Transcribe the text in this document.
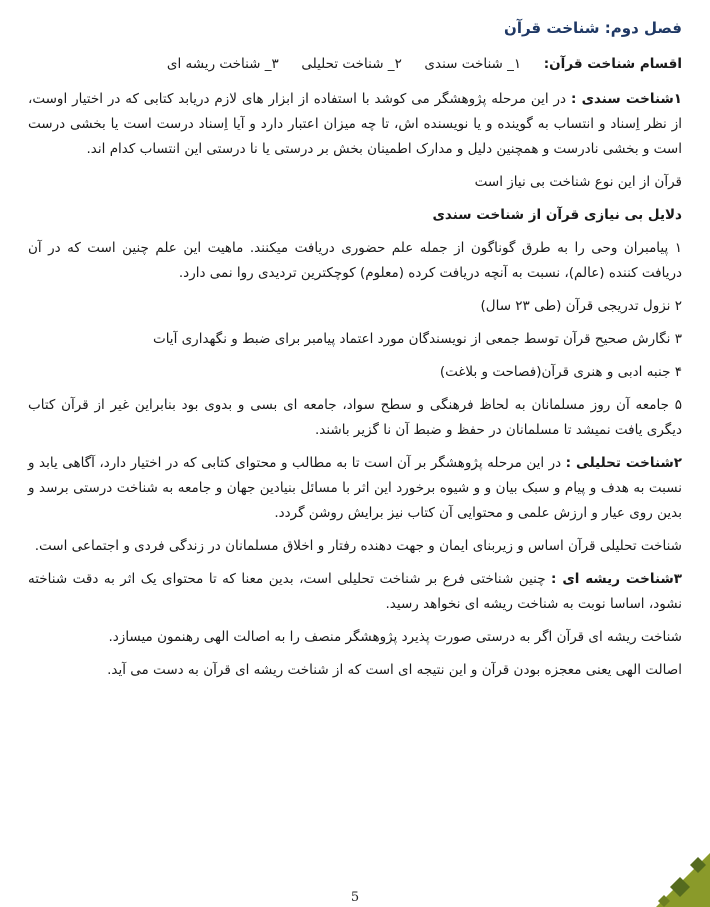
فصل دوم: شناخت قرآن
اقسام شناخت قرآن:  ۱_ شناخت سندی  ۲_ شناخت تحلیلی  ۳_ شناخت ریشه ای

۱شناخت سندی : در این مرحله پژوهشگر می کوشد با استفاده از ابزار های لازم دریابد کتابی که در اختیار اوست، از نظر اِسناد و انتساب به گوینده و یا نویسنده اش، تا چه میزان اعتبار دارد و آیا اِسناد درست است یا بخشی درست است و بخشی نادرست و همچنین دلیل و مدارک اطمینان بخش بر درستی یا نا درستی این انتساب کدام اند.

قرآن از این نوع شناخت بی نیاز است

دلایل بی نیازی قرآن از شناخت سندی

۱ پیامبران وحی را به طرق گوناگون از جمله علم حضوری دریافت میکنند. ماهیت این علم چنین است که در آن دریافت کننده (عالم)، نسبت به آنچه دریافت کرده (معلوم) کوچکترین تردیدی روا نمی دارد.

۲ نزول تدریجی قرآن (طی ۲۳ سال)

۳ نگارش صحیح قرآن توسط جمعی از نویسندگان مورد اعتماد پیامبر برای ضبط و نگهداری آیات

۴ جنبه ادبی و هنری قرآن(فصاحت و بلاغت)

۵ جامعه آن روز مسلمانان به لحاظ فرهنگی و سطح سواد، جامعه ای بسی و بدوی بود بنابراین غیر از قرآن کتاب دیگری یافت نمیشد تا مسلمانان در حفظ و ضبط آن نا گزیر باشند.

۲شناخت تحلیلی : در این مرحله پژوهشگر بر آن است تا به مطالب و محتوای کتابی که در اختیار دارد، آگاهی یابد و نسبت به هدف و پیام و سبک بیان و و شیوه برخورد این اثر با مسائل بنیادین جهان و جامعه به شناخت درستی برسد و بدین روی عیار و ارزش علمی و محتوایی آن کتاب نیز برایش روشن گردد.

شناخت تحلیلی قرآن اساس و زیربنای ایمان و جهت دهنده رفتار و اخلاق مسلمانان در زندگی فردی و اجتماعی است.

۳شناخت ریشه ای : چنین شناختی فرع بر شناخت تحلیلی است، بدین معنا که تا محتوای یک اثر به دقت شناخته نشود، اساسا نوبت به شناخت ریشه ای نخواهد رسید.

شناخت ریشه ای قرآن اگر به درستی صورت پذیرد پژوهشگر منصف را به اصالت الهی رهنمون میسازد.

اصالت الهی یعنی معجزه بودن قرآن و این نتیجه ای است که از شناخت ریشه ای قرآن به دست می آید.

5
